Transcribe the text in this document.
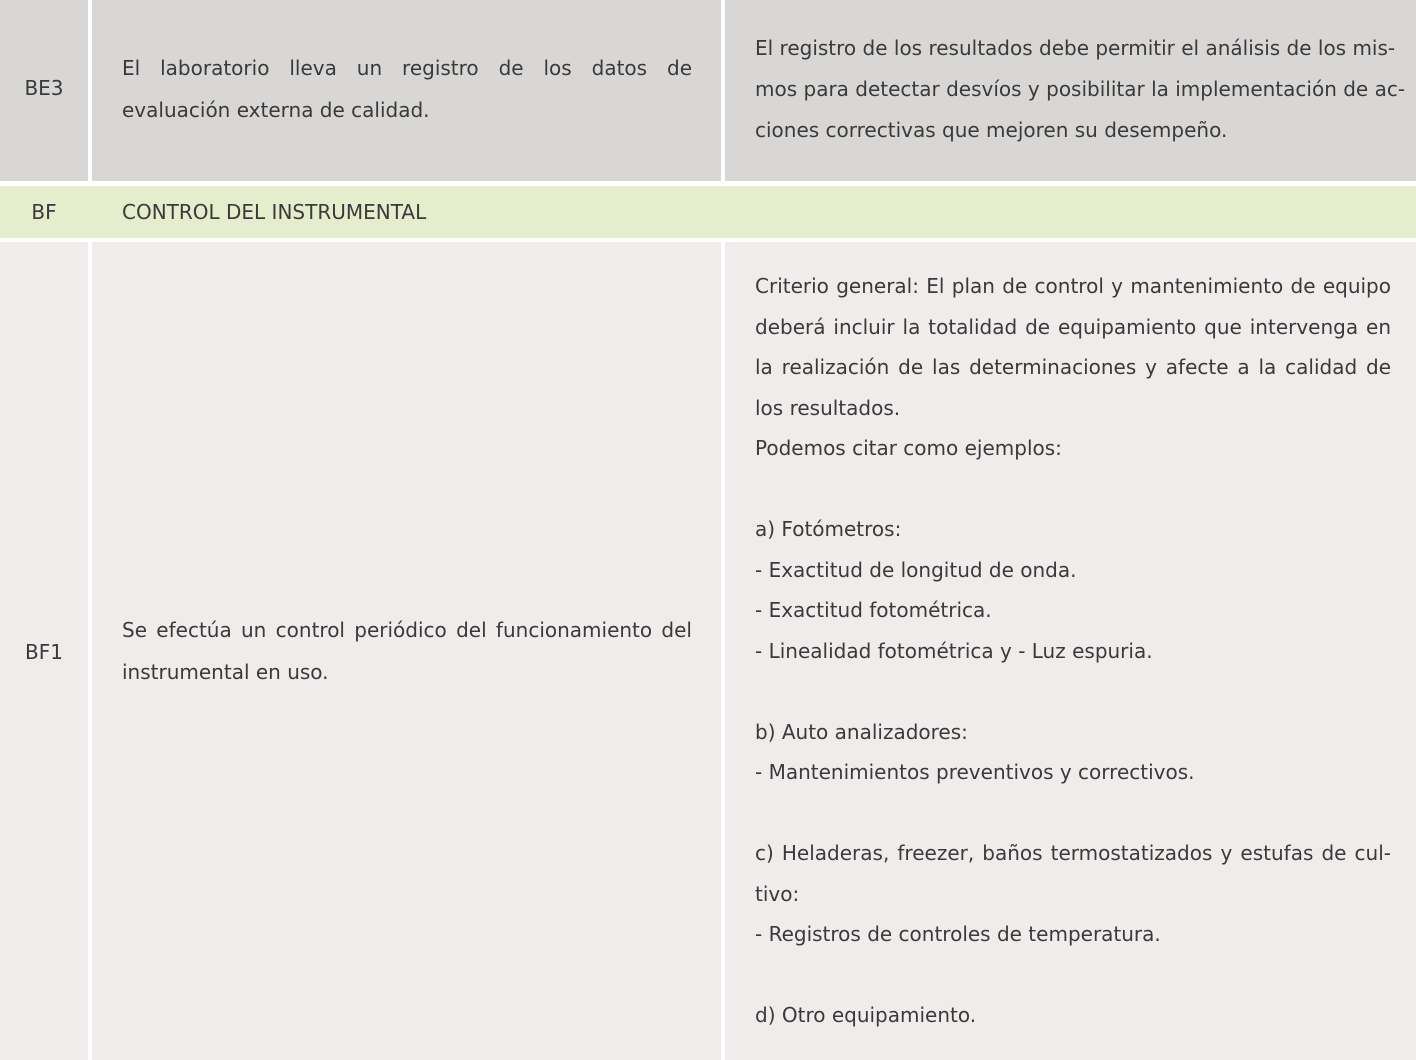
BE3
El laboratorio lleva un registro de los datos de evaluación externa de calidad.
El registro de los resultados debe permitir el análisis de los mis-
mos para detectar desvíos y posibilitar la implementación de ac-
ciones correctivas que mejoren su desempeño.
BF	CONTROL DEL INSTRUMENTAL
BF1
Se efectúa un control periódico del funcionamiento del instrumental en uso.
Criterio general: El plan de control y mantenimiento de equipo
deberá incluir la totalidad de equipamiento que intervenga en
la realización de las determinaciones y afecte a la calidad de
los resultados.
Podemos citar como ejemplos:
a) Fotómetros:
- Exactitud de longitud de onda.
- Exactitud fotométrica.
- Linealidad fotométrica y - Luz espuria.
b) Auto analizadores:
- Mantenimientos preventivos y correctivos.
c) Heladeras, freezer, baños termostatizados y estufas de cul-
tivo:
- Registros de controles de temperatura.
d) Otro equipamiento.
